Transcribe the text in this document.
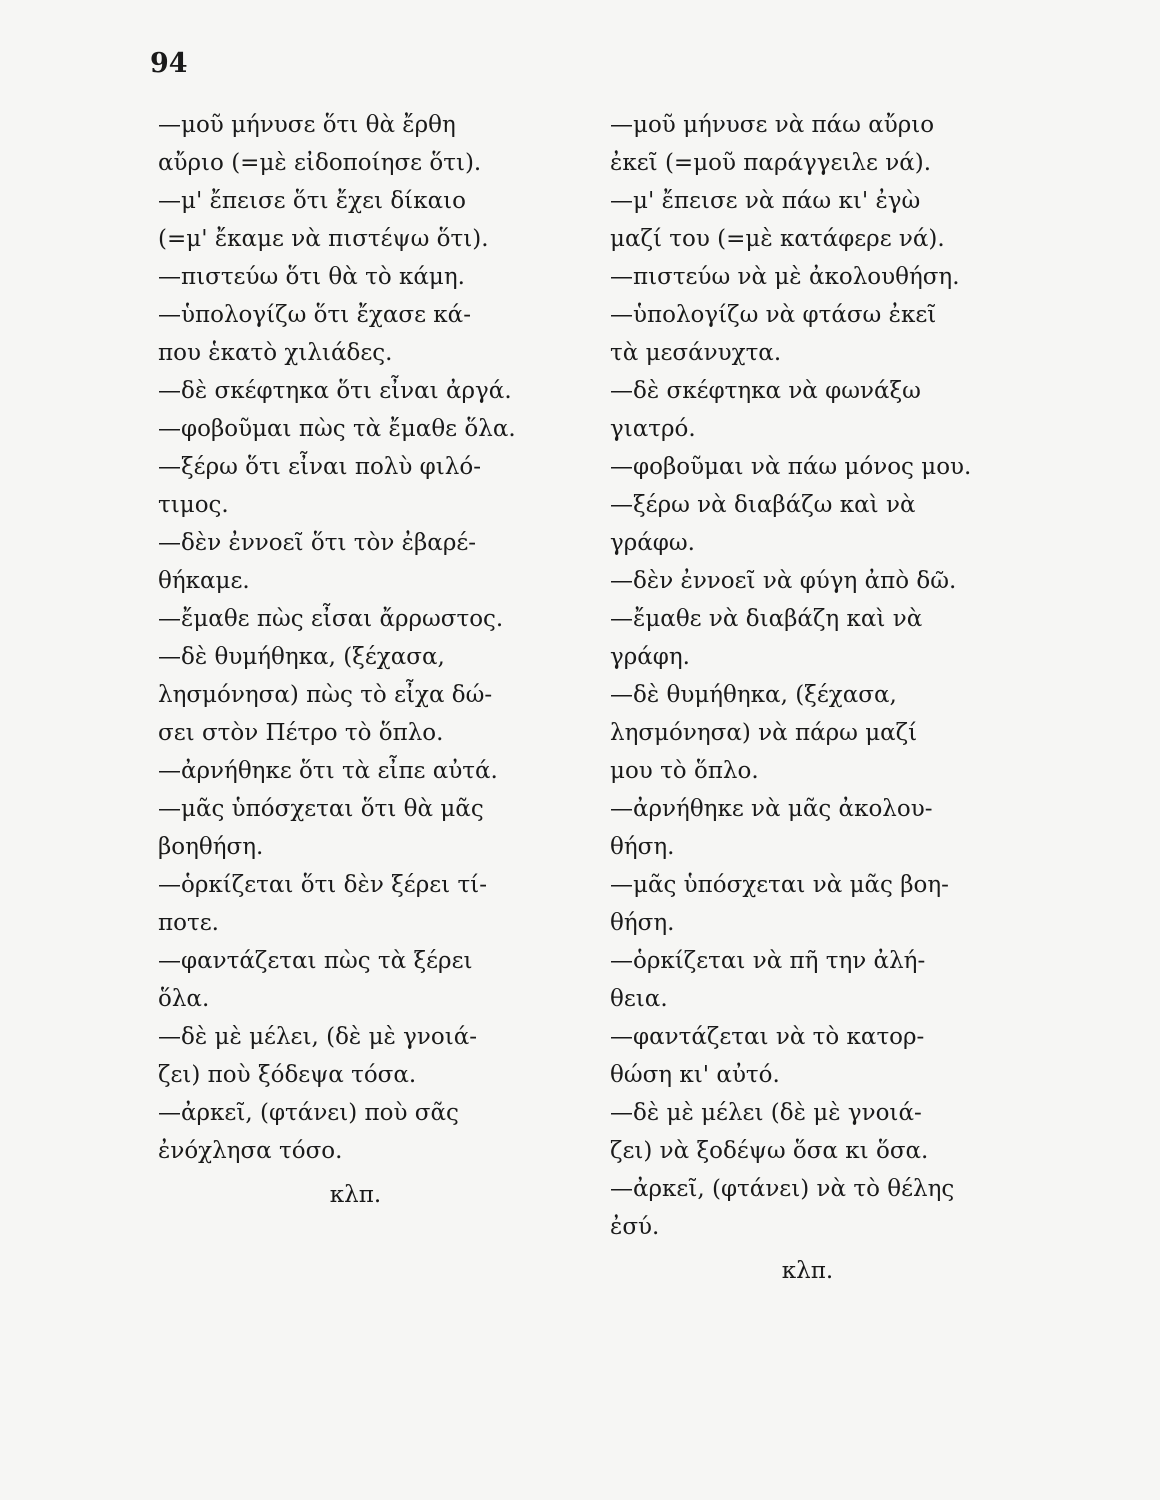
94
—μοῦ μήνυσε ὅτι θὰ ἔρθη
αὔριο (=μὲ εἰδοποίησε ὅτι).
—μ' ἔπεισε ὅτι ἔχει δίκαιο
(=μ' ἔκαμε νὰ πιστέψω ὅτι).
—πιστεύω ὅτι θὰ τὸ κάμη.
—ὑπολογίζω ὅτι ἔχασε κά-
που ἑκατὸ χιλιάδες.
—δὲ σκέφτηκα ὅτι εἶναι ἀργά.
—φοβοῦμαι πὼς τὰ ἔμαθε ὅλα.
—ξέρω ὅτι εἶναι πολὺ φιλό-
τιμος.
—δὲν ἐννοεῖ ὅτι τὸν ἐβαρέ-
θήκαμε.
—ἔμαθε πὼς εἶσαι ἄρρωστος.
—δὲ θυμήθηκα, (ξέχασα,
λησμόνησα) πὼς τὸ εἶχα δώ-
σει στὸν Πέτρο τὸ ὅπλο.
—ἀρνήθηκε ὅτι τὰ εἶπε αὐτά.
—μᾶς ὑπόσχεται ὅτι θὰ μᾶς
βοηθήση.
—ὁρκίζεται ὅτι δὲν ξέρει τί-
ποτε.
—φαντάζεται πὼς τὰ ξέρει
ὅλα.
—δὲ μὲ μέλει, (δὲ μὲ γνοιά-
ζει) ποὺ ξόδεψα τόσα.
—ἀρκεῖ, (φτάνει) ποὺ σᾶς
ἐνόχλησα τόσο.
κλπ.
—μοῦ μήνυσε νὰ πάω αὔριο
ἐκεῖ (=μοῦ παράγγειλε νά).
—μ' ἔπεισε νὰ πάω κι' ἐγὼ
μαζί του (=μὲ κατάφερε νά).
—πιστεύω νὰ μὲ ἀκολουθήση.
—ὑπολογίζω νὰ φτάσω ἐκεῖ
τὰ μεσάνυχτα.
—δὲ σκέφτηκα νὰ φωνάξω
γιατρό.
—φοβοῦμαι νὰ πάω μόνος μου.
—ξέρω νὰ διαβάζω καὶ νὰ
γράφω.
—δὲν ἐννοεῖ νὰ φύγη ἀπὸ δῶ.
—ἔμαθε νὰ διαβάζη καὶ νὰ
γράφη.
—δὲ θυμήθηκα, (ξέχασα,
λησμόνησα) νὰ πάρω μαζί
μου τὸ ὅπλο.
—ἀρνήθηκε νὰ μᾶς ἀκολου-
θήση.
—μᾶς ὑπόσχεται νὰ μᾶς βοη-
θήση.
—ὁρκίζεται νὰ πῆ την ἀλή-
θεια.
—φαντάζεται νὰ τὸ κατορ-
θώση κι' αὐτό.
—δὲ μὲ μέλει (δὲ μὲ γνοιά-
ζει) νὰ ξοδέψω ὅσα κι ὅσα.
—ἀρκεῖ, (φτάνει) νὰ τὸ θέλης
ἐσύ.
κλπ.
